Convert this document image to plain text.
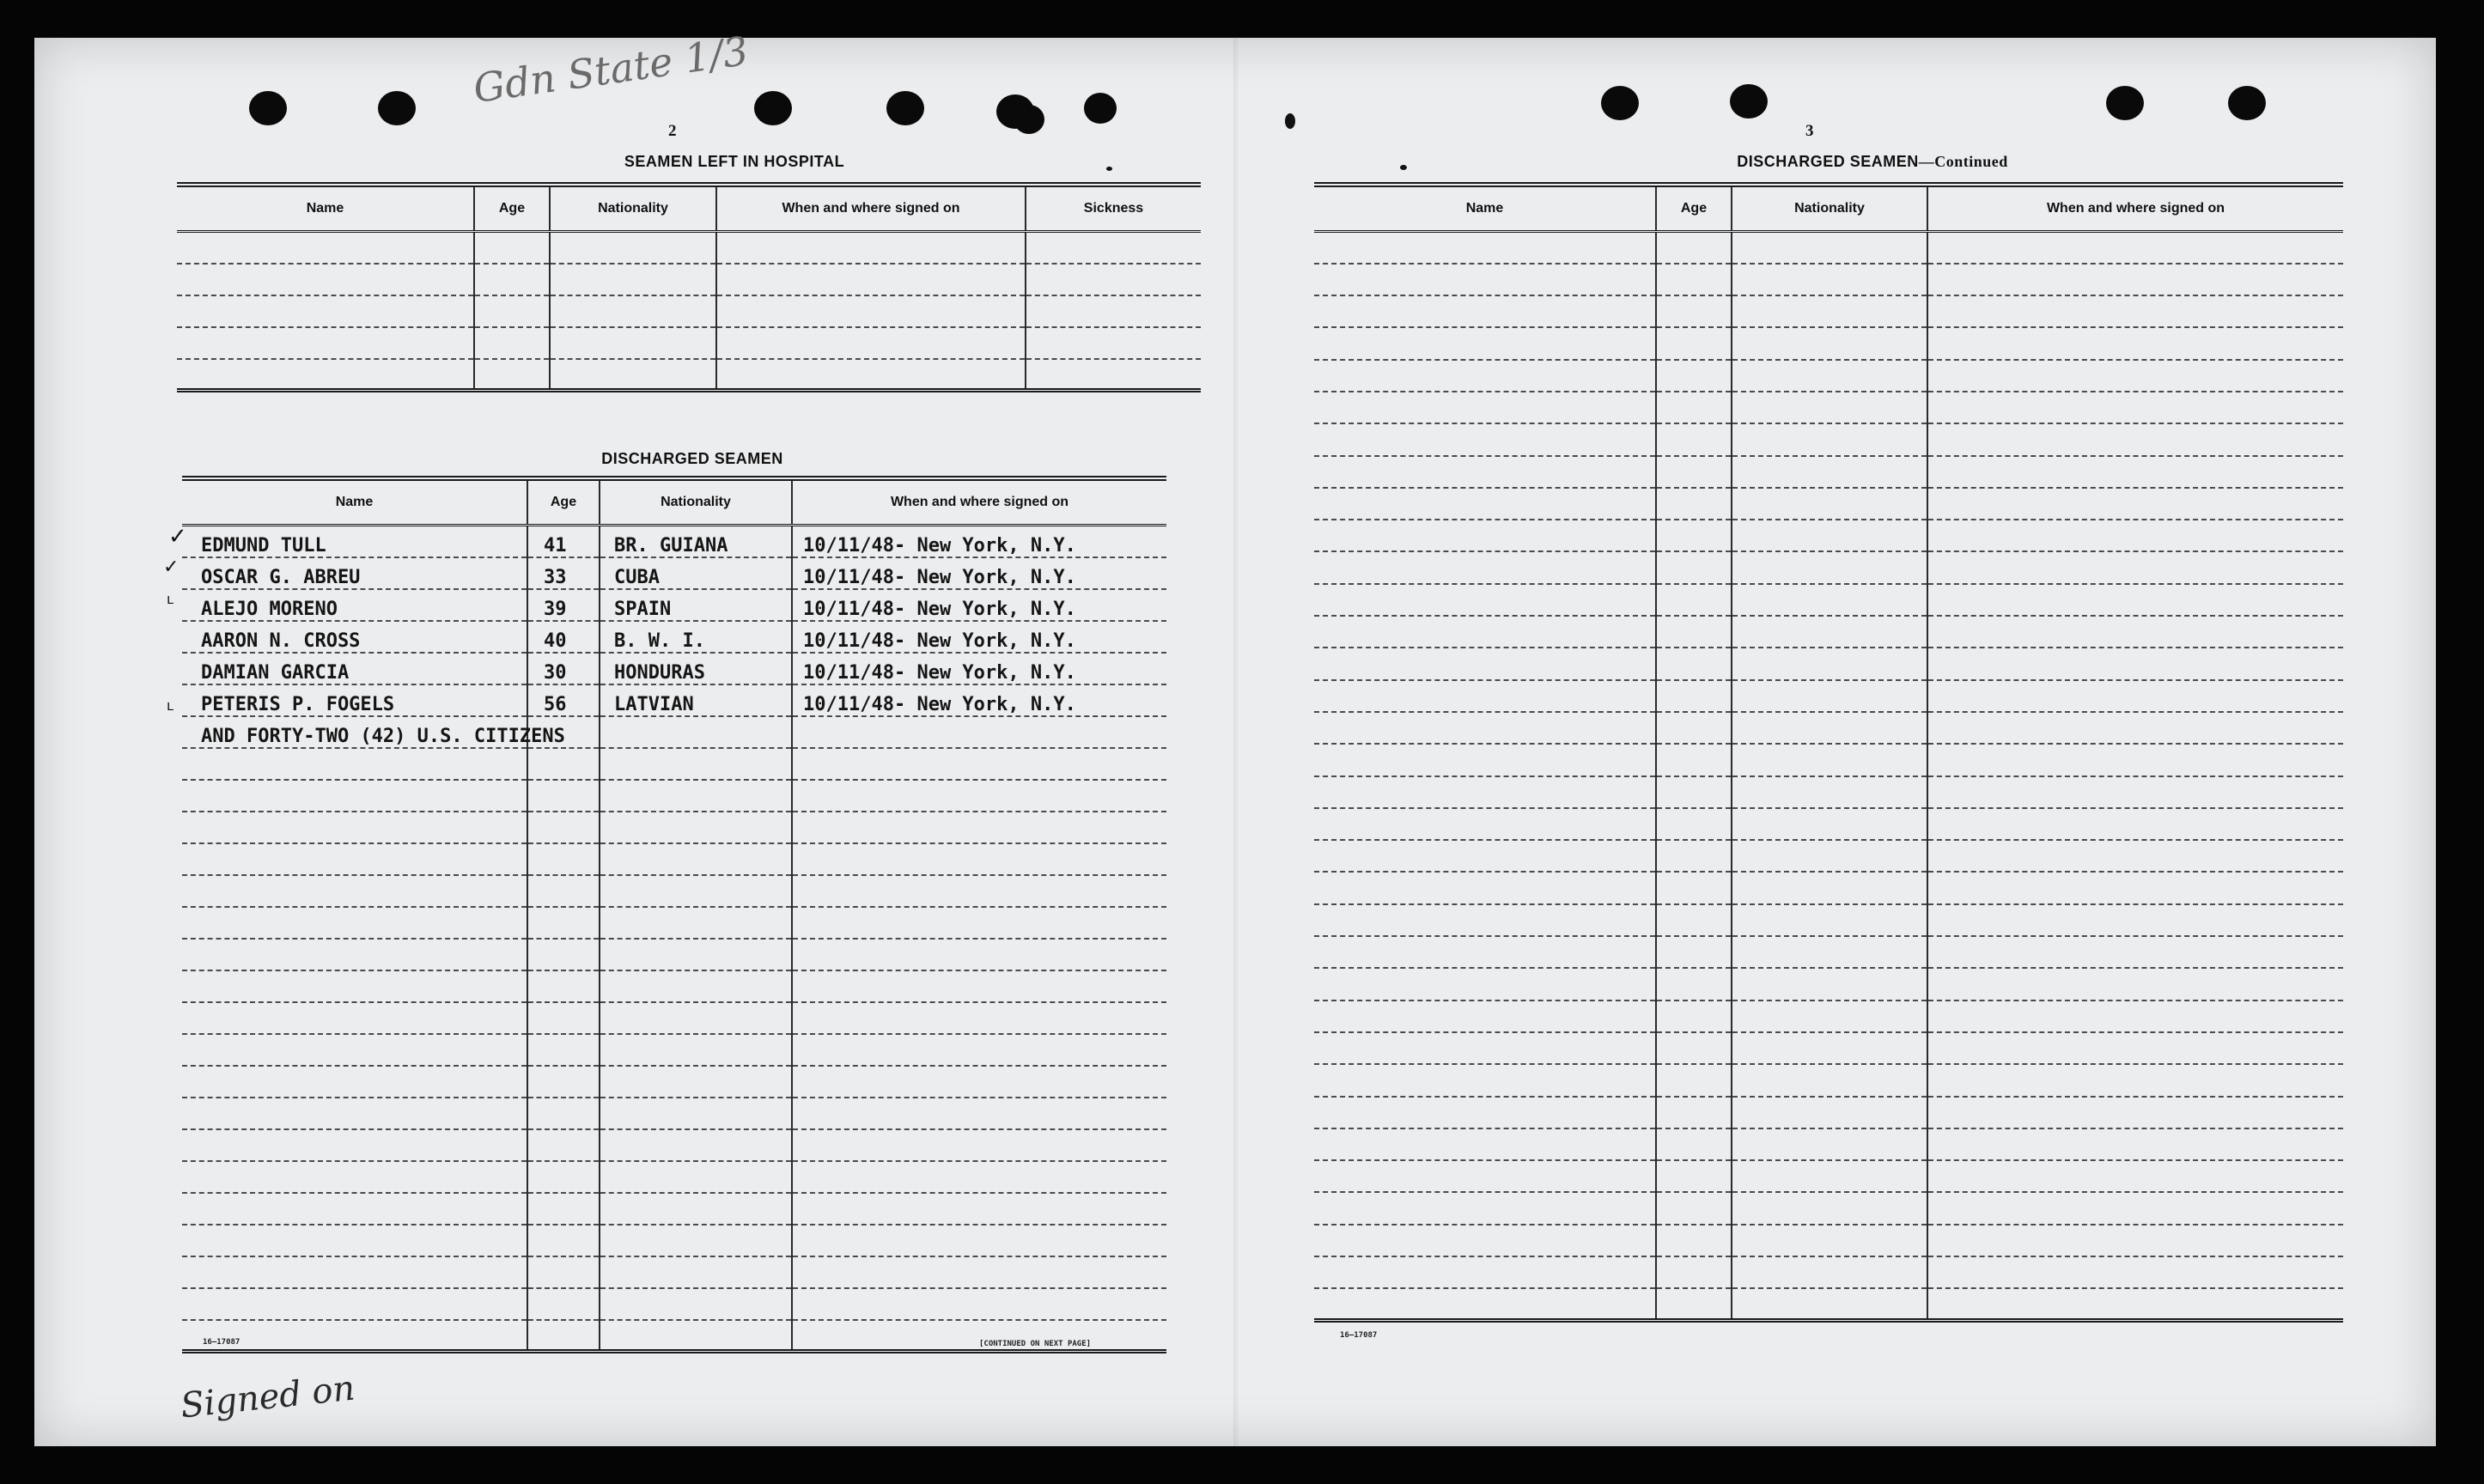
Gdn State 1/3
Signed on
2
SEAMEN LEFT IN HOSPITAL
Name	Age	Nationality	When and where signed on	Sickness

DISCHARGED SEAMEN
Name	Age	Nationality	When and where signed on
EDMUND TULL	41	BR. GUIANA	10/11/48- New York, N.Y.
OSCAR G. ABREU	33	CUBA	10/11/48- New York, N.Y.
ALEJO MORENO	39	SPAIN	10/11/48- New York, N.Y.
AARON N. CROSS	40	B. W. I.	10/11/48- New York, N.Y.
DAMIAN GARCIA	30	HONDURAS	10/11/48- New York, N.Y.
PETERIS P. FOGELS	56	LATVIAN	10/11/48- New York, N.Y.
AND FORTY-TWO (42) U.S. CITIZENS			

✓
✓
ʟ
ʟ
16—17087	[CONTINUED ON NEXT PAGE]
3
DISCHARGED SEAMEN—Continued
Name	Age	Nationality	When and where signed on

16—17087
